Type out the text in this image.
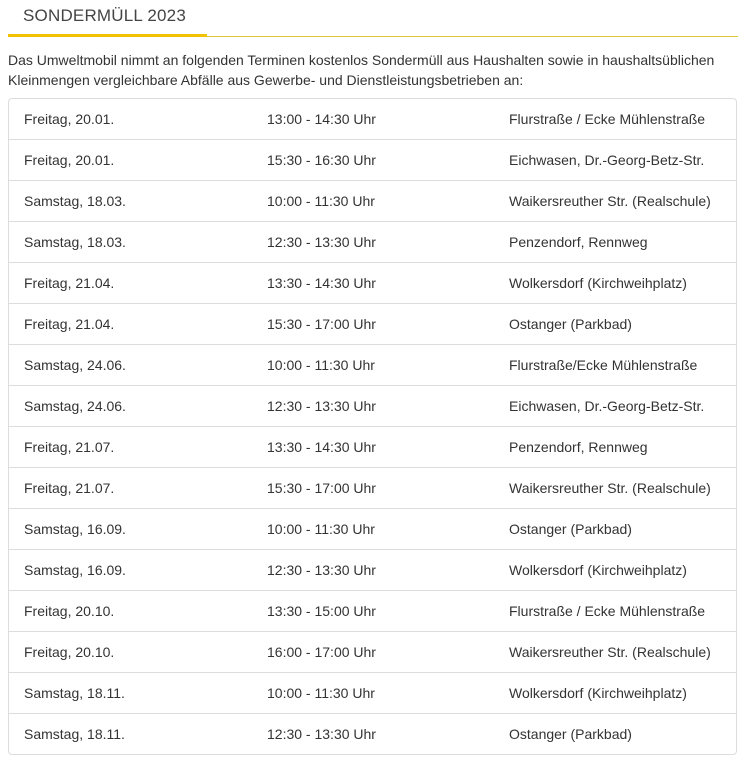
SONDERMÜLL 2023

Das Umweltmobil nimmt an folgenden Terminen kostenlos Sondermüll aus Haushalten sowie in haushaltsüblichen Kleinmengen vergleichbare Abfälle aus Gewerbe- und Dienstleistungsbetrieben an:

Freitag, 20.01.	13:00 - 14:30 Uhr	Flurstraße / Ecke Mühlenstraße
Freitag, 20.01.	15:30 - 16:30 Uhr	Eichwasen, Dr.-Georg-Betz-Str.
Samstag, 18.03.	10:00 - 11:30 Uhr	Waikersreuther Str. (Realschule)
Samstag, 18.03.	12:30 - 13:30 Uhr	Penzendorf, Rennweg
Freitag, 21.04.	13:30 - 14:30 Uhr	Wolkersdorf (Kirchweihplatz)
Freitag, 21.04.	15:30 - 17:00 Uhr	Ostanger (Parkbad)
Samstag, 24.06.	10:00 - 11:30 Uhr	Flurstraße/Ecke Mühlenstraße
Samstag, 24.06.	12:30 - 13:30 Uhr	Eichwasen, Dr.-Georg-Betz-Str.
Freitag, 21.07.	13:30 - 14:30 Uhr	Penzendorf, Rennweg
Freitag, 21.07.	15:30 - 17:00 Uhr	Waikersreuther Str. (Realschule)
Samstag, 16.09.	10:00 - 11:30 Uhr	Ostanger (Parkbad)
Samstag, 16.09.	12:30 - 13:30 Uhr	Wolkersdorf (Kirchweihplatz)
Freitag, 20.10.	13:30 - 15:00 Uhr	Flurstraße / Ecke Mühlenstraße
Freitag, 20.10.	16:00 - 17:00 Uhr	Waikersreuther Str. (Realschule)
Samstag, 18.11.	10:00 - 11:30 Uhr	Wolkersdorf (Kirchweihplatz)
Samstag, 18.11.	12:30 - 13:30 Uhr	Ostanger (Parkbad)
